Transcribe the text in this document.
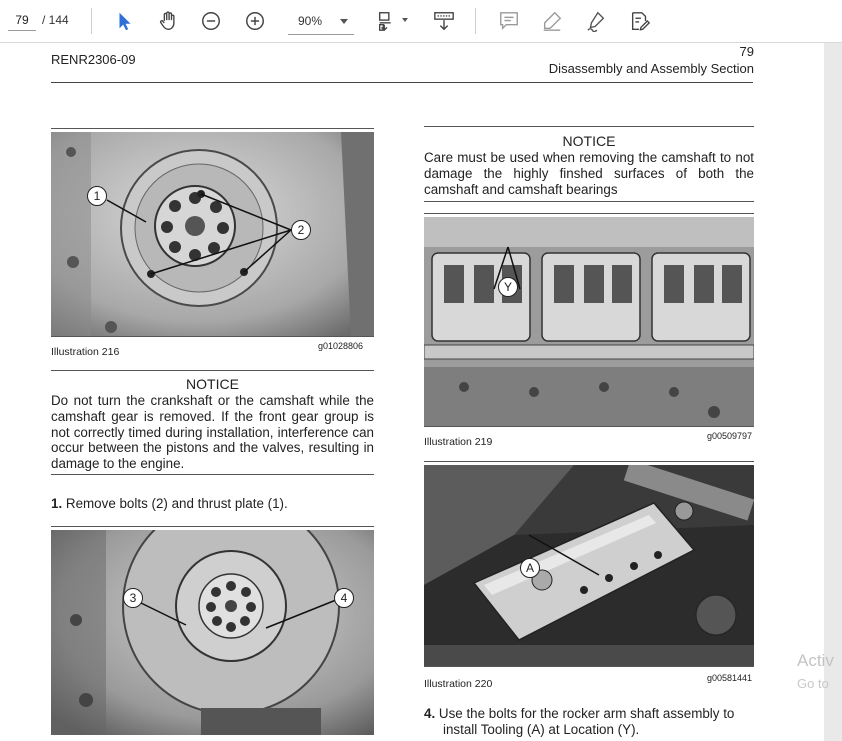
79
/ 144	90%
RENR2306-09
79
Disassembly and Assembly Section
1
2
Illustration 216	g01028806
NOTICE
Do not turn the crankshaft or the camshaft while the camshaft gear is removed. If the front gear group is not correctly timed during installation, interference can occur between the pistons and the valves, resulting in damage to the engine.
1. Remove bolts (2) and thrust plate (1).
3	4
NOTICE
Care must be used when removing the camshaft to not damage the highly finshed surfaces of both the camshaft and camshaft bearings
Y
Illustration 219	g00509797
A
Illustration 220	g00581441
4. Use the bolts for the rocker arm shaft assembly to
install Tooling (A) at Location (Y).
Activ
Go to
